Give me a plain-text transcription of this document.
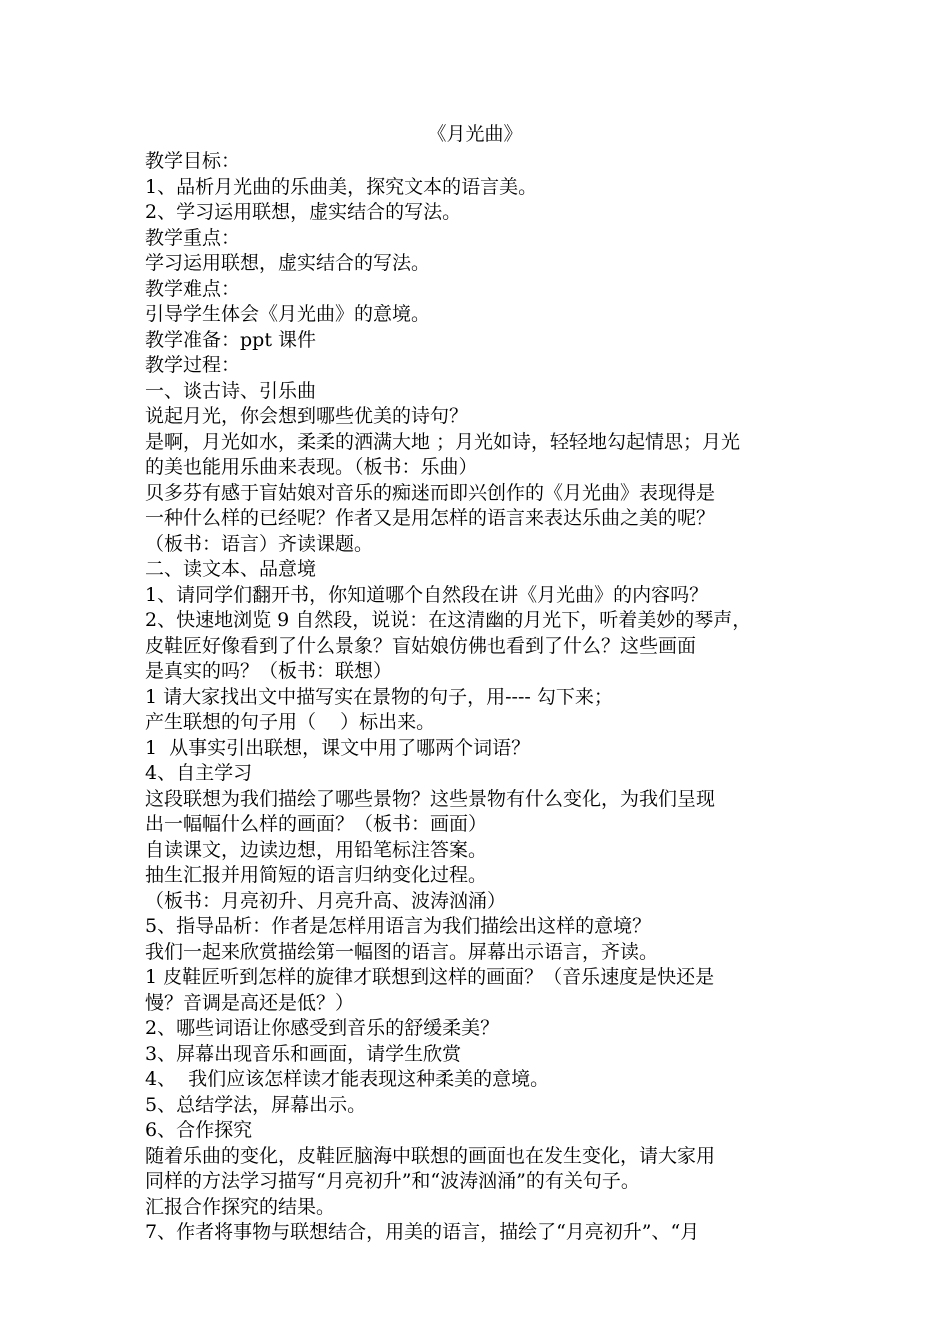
《月光曲》
教学目标：
1、品析月光曲的乐曲美，探究文本的语言美。
2、学习运用联想，虚实结合的写法。
教学重点：
学习运用联想，虚实结合的写法。
教学难点：
引导学生体会《月光曲》的意境。
教学准备：ppt 课件
教学过程：
一、谈古诗、引乐曲
说起月光，你会想到哪些优美的诗句？
是啊，月光如水，柔柔的洒满大地 ；月光如诗，轻轻地勾起情思；月光
的美也能用乐曲来表现。（板书：乐曲）
贝多芬有感于盲姑娘对音乐的痴迷而即兴创作的《月光曲》表现得是
一种什么样的已经呢？作者又是用怎样的语言来表达乐曲之美的呢？
（板书：语言）齐读课题。
二、读文本、品意境
1、请同学们翻开书，你知道哪个自然段在讲《月光曲》的内容吗？
2、快速地浏览 9 自然段，说说：在这清幽的月光下，听着美妙的琴声，
皮鞋匠好像看到了什么景象？盲姑娘仿佛也看到了什么？这些画面
是真实的吗？（板书：联想）
1 请大家找出文中描写实在景物的句子，用---- 勾下来；
产生联想的句子用（    ）标出来。
1  从事实引出联想，课文中用了哪两个词语？
4、自主学习
这段联想为我们描绘了哪些景物？这些景物有什么变化，为我们呈现
出一幅幅什么样的画面？（板书：画面）
自读课文，边读边想，用铅笔标注答案。
抽生汇报并用简短的语言归纳变化过程。
（板书：月亮初升、月亮升高、波涛汹涌）
5、指导品析：作者是怎样用语言为我们描绘出这样的意境？
我们一起来欣赏描绘第一幅图的语言。屏幕出示语言，齐读。
1 皮鞋匠听到怎样的旋律才联想到这样的画面？（音乐速度是快还是
慢？音调是高还是低？）
2、哪些词语让你感受到音乐的舒缓柔美？
3、屏幕出现音乐和画面，请学生欣赏
4、  我们应该怎样读才能表现这种柔美的意境。
5、总结学法，屏幕出示。
6、合作探究
随着乐曲的变化，皮鞋匠脑海中联想的画面也在发生变化，请大家用
同样的方法学习描写“月亮初升”和“波涛汹涌”的有关句子。
汇报合作探究的结果。
7、作者将事物与联想结合，用美的语言，描绘了“月亮初升”、“月
